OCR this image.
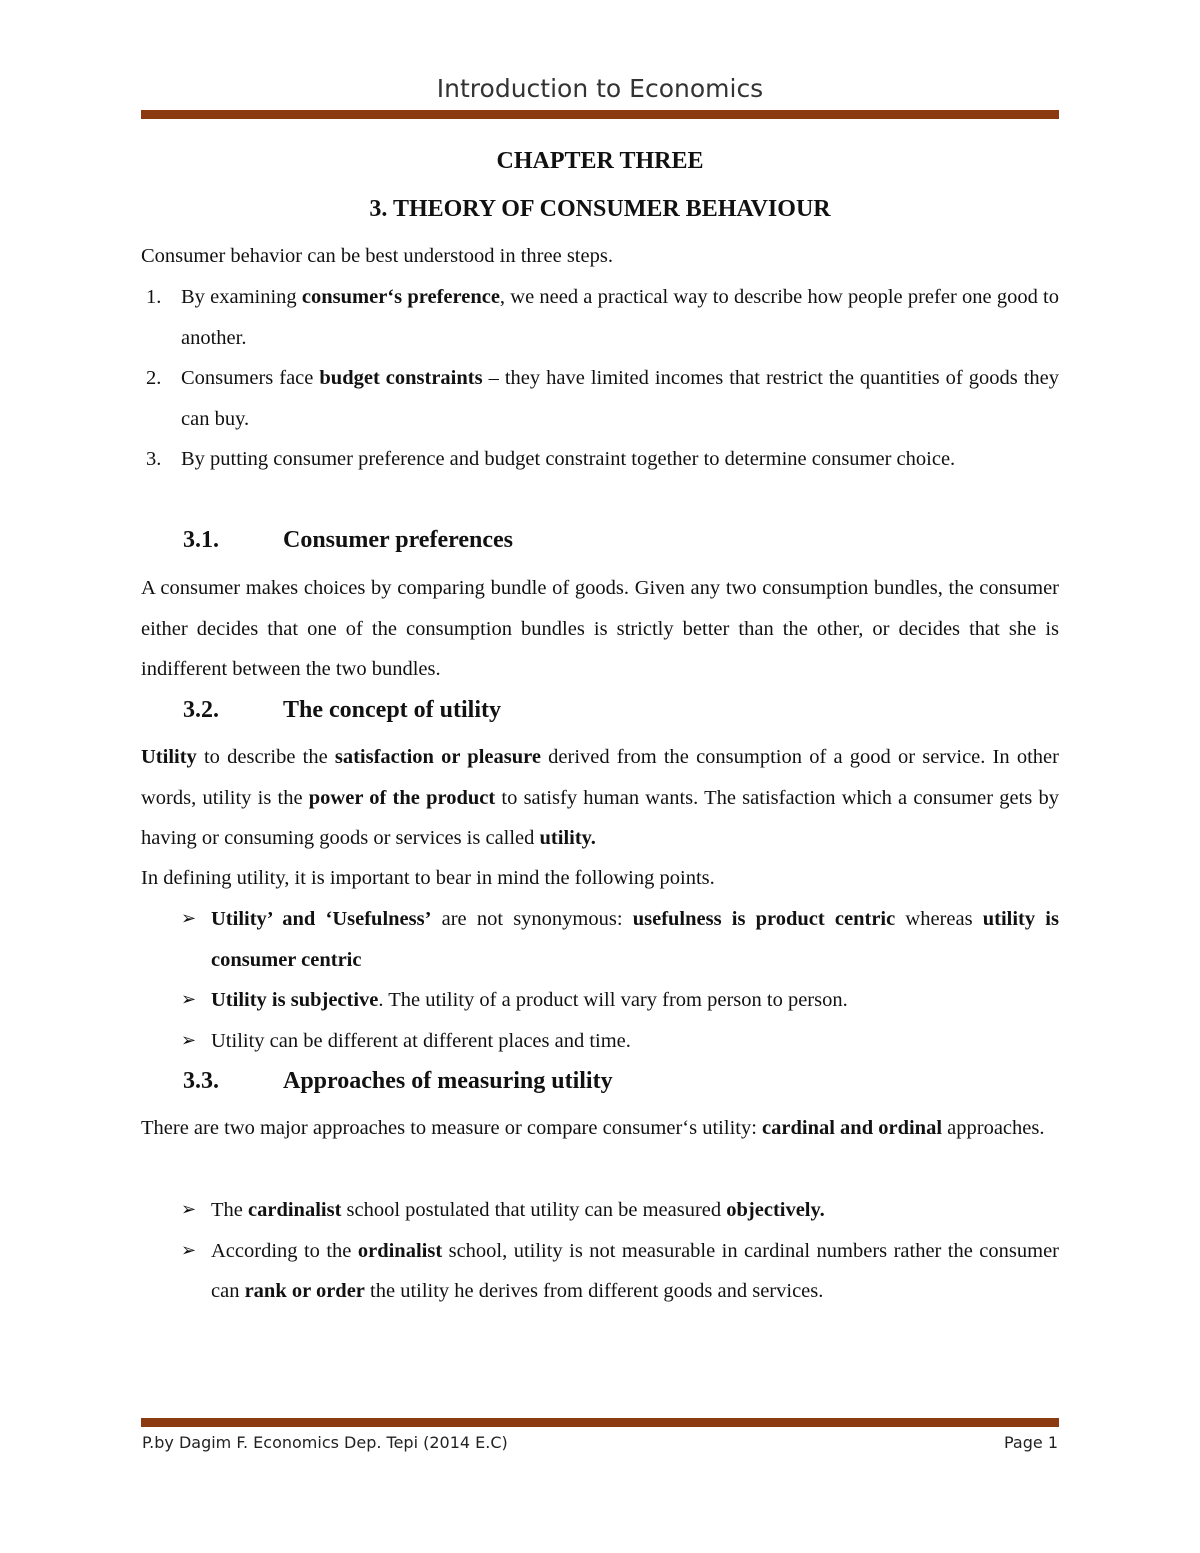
Introduction to Economics
CHAPTER THREE
3. THEORY OF CONSUMER BEHAVIOUR
Consumer behavior can be best understood in three steps.
1. By examining consumer‘s preference, we need a practical way to describe how people prefer one good to another.
2. Consumers face budget constraints – they have limited incomes that restrict the quantities of goods they can buy.
3. By putting consumer preference and budget constraint together to determine consumer choice.
3.1.	Consumer preferences
A consumer makes choices by comparing bundle of goods. Given any two consumption bundles, the consumer either decides that one of the consumption bundles is strictly better than the other, or decides that she is indifferent between the two bundles.
3.2.	The concept of utility
Utility to describe the satisfaction or pleasure derived from the consumption of a good or service. In other words, utility is the power of the product to satisfy human wants. The satisfaction which a consumer gets by having or consuming goods or services is called utility.
In defining utility, it is important to bear in mind the following points.
➢ Utility’ and ‘Usefulness’ are not synonymous: usefulness is product centric whereas utility is consumer centric
➢ Utility is subjective. The utility of a product will vary from person to person.
➢ Utility can be different at different places and time.
3.3.	Approaches of measuring utility
There are two major approaches to measure or compare consumer‘s utility: cardinal and ordinal approaches.
➢ The cardinalist school postulated that utility can be measured objectively.
➢ According to the ordinalist school, utility is not measurable in cardinal numbers rather the consumer can rank or order the utility he derives from different goods and services.
P.by Dagim F. Economics Dep. Tepi (2014 E.C)	Page 1
